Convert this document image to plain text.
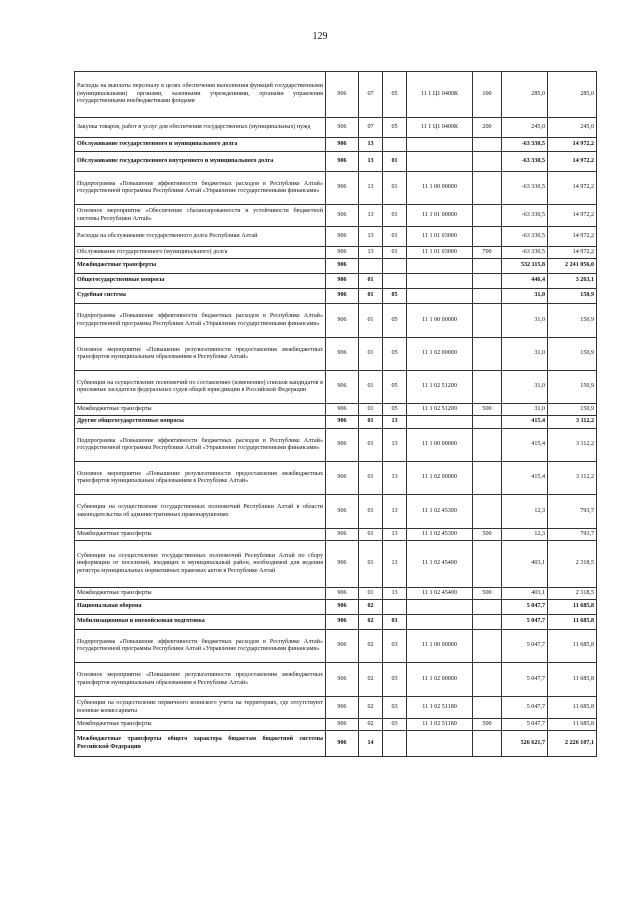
129
Расходы на выплаты персоналу в целях обеспечения выполнения функций государственными (муниципальными) органами, казенными учреждениями, органами управления государственными внебюджетными фондами	906	07	05	11 1 Ц1 0400К	100	285,0	285,0
Закупка товаров, работ и услуг для обеспечения государственных (муниципальных) нужд	906	07	05	11 1 Ц1 0400К	200	245,0	245,0
Обслуживание государственного и муниципального долга	906	13				-63 330,5	14 972,2
Обслуживание государственного внутреннего и муниципального долга	906	13	01			-63 330,5	14 972,2
Подпрограмма «Повышение эффективности бюджетных расходов в Республике Алтай» государственной программы Республики Алтай «Управление государственными финансами»	906	13	01	11 1 00 00000		-63 330,5	14 972,2
Основное мероприятие «Обеспечение сбалансированности и устойчивости бюджетной системы Республики Алтай»	906	13	01	11 1 01 00000		-63 330,5	14 972,2
Расходы на обслуживание государственного долга Республики Алтай	906	13	01	11 1 01 03000		-63 330,5	14 972,2
Обслуживание государственного (муниципального) долга	906	13	01	11 1 01 03000	700	-63 330,5	14 972,2
Межбюджетные трансферты	906					532 115,8	2 241 056,0
Общегосударственные вопросы	906	01				446,4	3 263,1
Судебная система	906	01	05			31,0	150,9
Подпрограмма «Повышение эффективности бюджетных расходов в Республике Алтай» государственной программы Республики Алтай «Управление государственными финансами»	906	01	05	11 1 00 00000		31,0	150,9
Основное мероприятие «Повышение результативности предоставления межбюджетных трансфертов муниципальным образованиям в Республике Алтай»	906	01	05	11 1 02 00000		31,0	150,9
Субвенции на осуществление полномочий по составлению (изменению) списков кандидатов в присяжные заседатели федеральных судов общей юрисдикции в Российской Федерации	906	01	05	11 1 02 51200		31,0	150,9
Межбюджетные трансферты	906	01	05	11 1 02 51200	500	31,0	150,9
Другие общегосударственные вопросы	906	01	13			415,4	3 112,2
Подпрограмма «Повышение эффективности бюджетных расходов в Республике Алтай» государственной программы Республики Алтай «Управление государственными финансами»	906	01	13	11 1 00 00000		415,4	3 112,2
Основное мероприятие «Повышение результативности предоставления межбюджетных трансфертов муниципальным образованиям в Республике Алтай»	906	01	13	11 1 02 00000		415,4	3 112,2
Субвенции на осуществление государственных полномочий Республики Алтай в области законодательства об административных правонарушениях	906	01	13	11 1 02 45300		12,3	793,7
Межбюджетные трансферты	906	01	13	11 1 02 45300	500	12,3	793,7
Субвенции на осуществление государственных полномочий Республики Алтай по сбору информации от поселений, входящих в муниципальный район, необходимой для ведения регистра муниципальных нормативных правовых актов в Республике Алтай	906	01	13	11 1 02 45400		403,1	2 318,5
Межбюджетные трансферты	906	01	13	11 1 02 45400	500	403,1	2 318,5
Национальная оборона	906	02				5 047,7	11 685,8
Мобилизационная и вневойсковая подготовка	906	02	03			5 047,7	11 685,8
Подпрограмма «Повышение эффективности бюджетных расходов в Республике Алтай» государственной программы Республики Алтай «Управление государственными финансами»	906	02	03	11 1 00 00000		5 047,7	11 685,8
Основное мероприятие «Повышение результативности предоставления межбюджетных трансфертов муниципальным образованиям в Республике Алтай»	906	02	03	11 1 02 00000		5 047,7	11 685,8
Субвенции на осуществление первичного воинского учета на территориях, где отсутствуют военные комиссариаты	906	02	03	11 1 02 51180		5 047,7	11 685,8
Межбюджетные трансферты	906	02	03	11 1 02 51180	500	5 047,7	11 685,8
Межбюджетные трансферты общего характера бюджетам бюджетной системы Российской Федерации	906	14				526 621,7	2 226 107,1
